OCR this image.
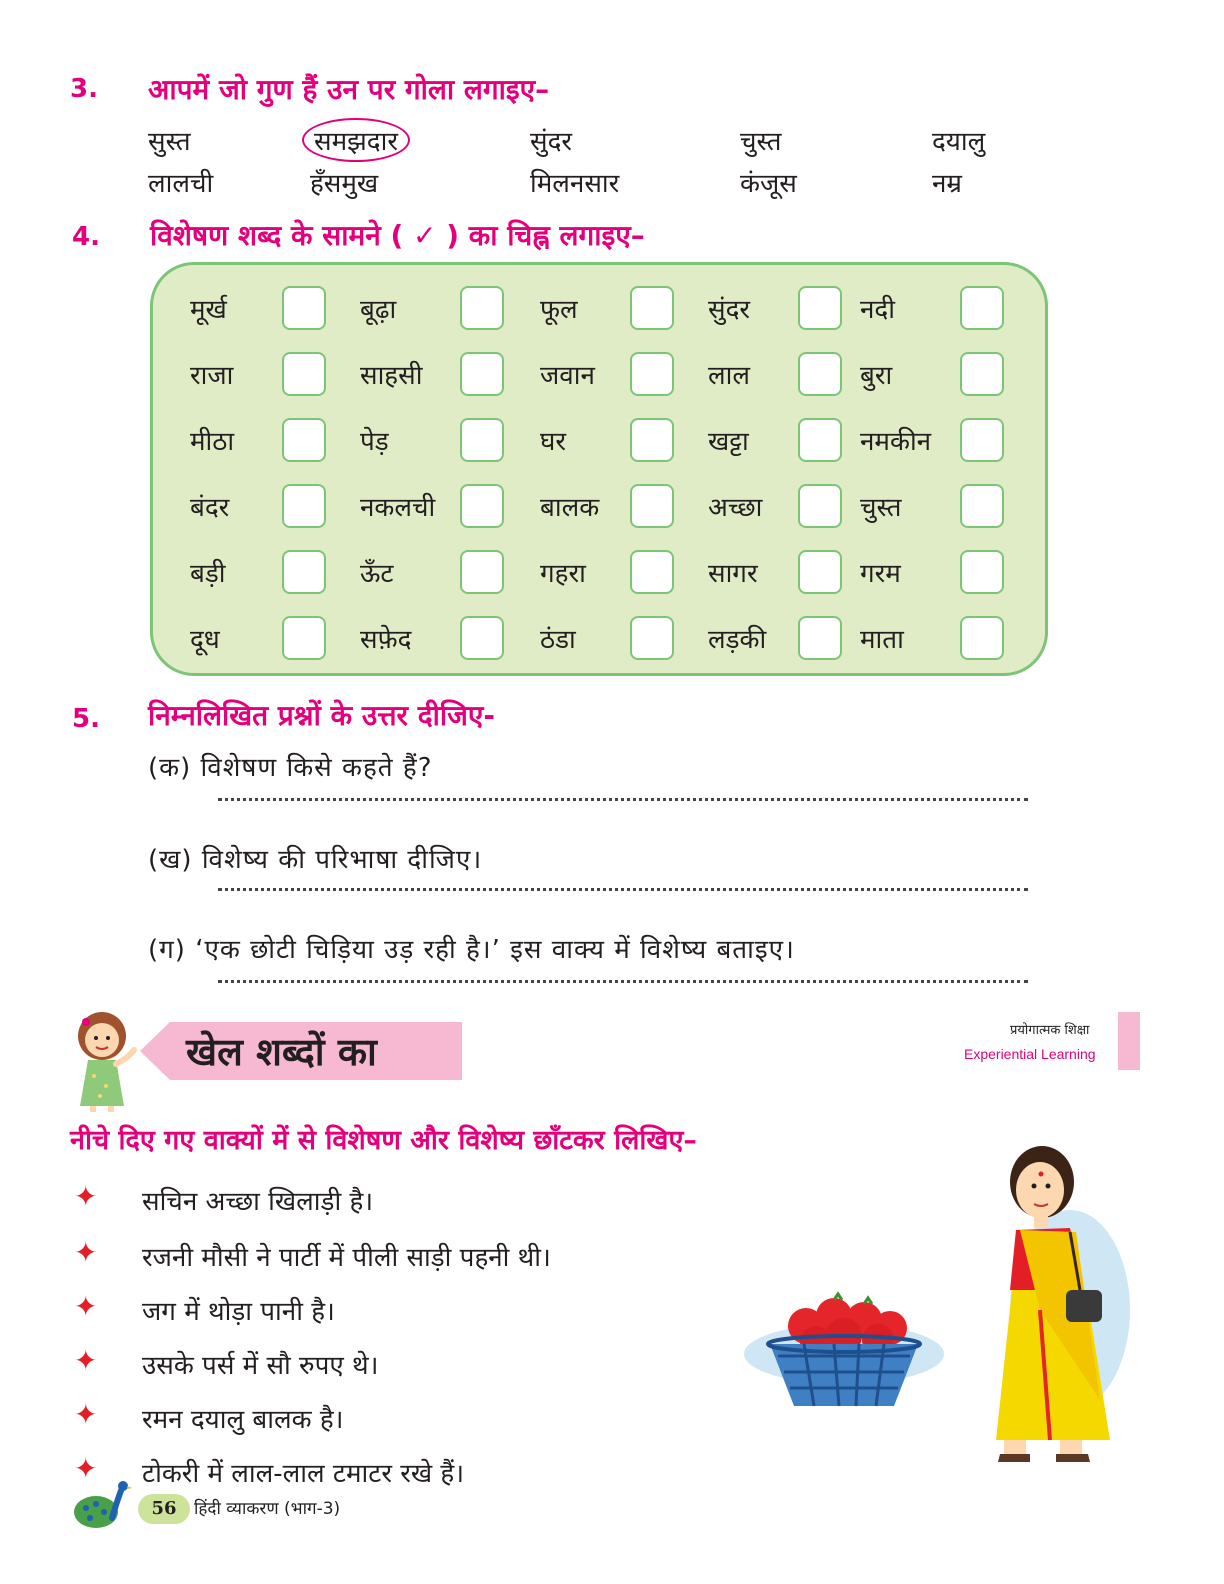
3. आपमें जो गुण हैं उन पर गोला लगाइए–
सुस्त	समझदार	सुंदर	चुस्त	दयालु
लालची	हँसमुख	मिलनसार	कंजूस	नम्र
4. विशेषण शब्द के सामने ( ✓ ) का चिह्न लगाइए–
मूर्ख	बूढ़ा	फूल	सुंदर	नदी
राजा	साहसी	जवान	लाल	बुरा
मीठा	पेड़	घर	खट्टा	नमकीन
बंदर	नकलची	बालक	अच्छा	चुस्त
बड़ी	ऊँट	गहरा	सागर	गरम
दूध	सफ़ेद	ठंडा	लड़की	माता
5. निम्नलिखित प्रश्नों के उत्तर दीजिए-
(क) विशेषण किसे कहते हैं?
(ख) विशेष्य की परिभाषा दीजिए।
(ग) ‘एक छोटी चिड़िया उड़ रही है।’ इस वाक्य में विशेष्य बताइए।
खेल शब्दों का	प्रयोगात्मक शिक्षा
Experiential Learning
नीचे दिए गए वाक्यों में से विशेषण और विशेष्य छाँटकर लिखिए–
✦ सचिन अच्छा खिलाड़ी है।
✦ रजनी मौसी ने पार्टी में पीली साड़ी पहनी थी।
✦ जग में थोड़ा पानी है।
✦ उसके पर्स में सौ रुपए थे।
✦ रमन दयालु बालक है।
✦ टोकरी में लाल-लाल टमाटर रखे हैं।
56	हिंदी व्याकरण (भाग-3)
